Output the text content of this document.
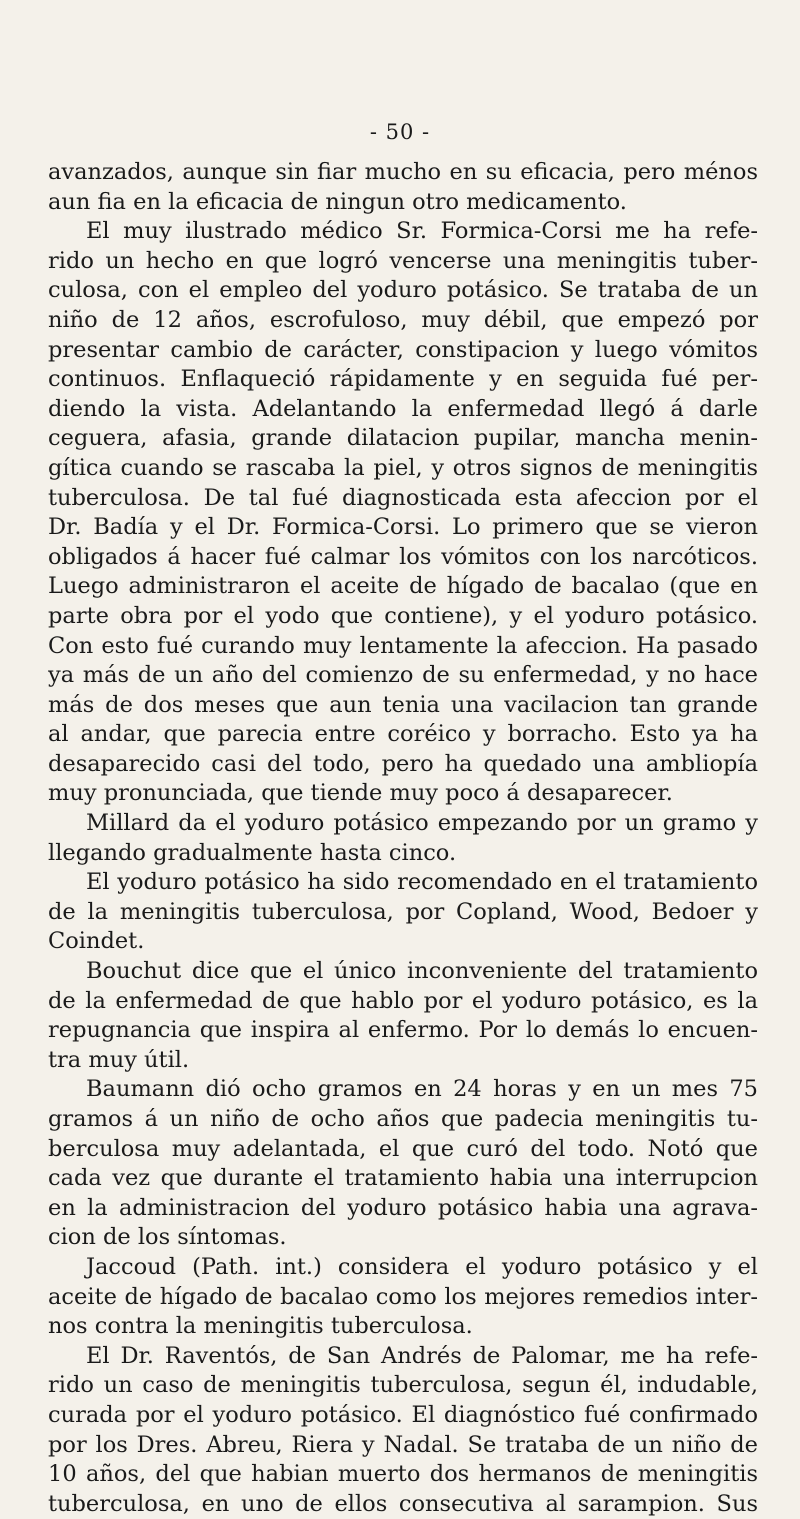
- 50 -
avanzados, aunque sin fiar mucho en su eficacia, pero ménos
aun fia en la eficacia de ningun otro medicamento.
El muy ilustrado médico Sr. Formica-Corsi me ha refe-
rido un hecho en que logró vencerse una meningitis tuber-
culosa, con el empleo del yoduro potásico. Se trataba de un
niño de 12 años, escrofuloso, muy débil, que empezó por
presentar cambio de carácter, constipacion y luego vómitos
continuos. Enflaqueció rápidamente y en seguida fué per-
diendo la vista. Adelantando la enfermedad llegó á darle
ceguera, afasia, grande dilatacion pupilar, mancha menin-
gítica cuando se rascaba la piel, y otros signos de meningitis
tuberculosa. De tal fué diagnosticada esta afeccion por el
Dr. Badía y el Dr. Formica-Corsi. Lo primero que se vieron
obligados á hacer fué calmar los vómitos con los narcóticos.
Luego administraron el aceite de hígado de bacalao (que en
parte obra por el yodo que contiene), y el yoduro potásico.
Con esto fué curando muy lentamente la afeccion. Ha pasado
ya más de un año del comienzo de su enfermedad, y no hace
más de dos meses que aun tenia una vacilacion tan grande
al andar, que parecia entre coréico y borracho. Esto ya ha
desaparecido casi del todo, pero ha quedado una ambliopía
muy pronunciada, que tiende muy poco á desaparecer.
Millard da el yoduro potásico empezando por un gramo y
llegando gradualmente hasta cinco.
El yoduro potásico ha sido recomendado en el tratamiento
de la meningitis tuberculosa, por Copland, Wood, Bedoer y
Coindet.
Bouchut dice que el único inconveniente del tratamiento
de la enfermedad de que hablo por el yoduro potásico, es la
repugnancia que inspira al enfermo. Por lo demás lo encuen-
tra muy útil.
Baumann dió ocho gramos en 24 horas y en un mes 75
gramos á un niño de ocho años que padecia meningitis tu-
berculosa muy adelantada, el que curó del todo. Notó que
cada vez que durante el tratamiento habia una interrupcion
en la administracion del yoduro potásico habia una agrava-
cion de los síntomas.
Jaccoud (Path. int.) considera el yoduro potásico y el
aceite de hígado de bacalao como los mejores remedios inter-
nos contra la meningitis tuberculosa.
El Dr. Raventós, de San Andrés de Palomar, me ha refe-
rido un caso de meningitis tuberculosa, segun él, indudable,
curada por el yoduro potásico. El diagnóstico fué confirmado
por los Dres. Abreu, Riera y Nadal. Se trataba de un niño de
10 años, del que habian muerto dos hermanos de meningitis
tuberculosa, en uno de ellos consecutiva al sarampion. Sus
